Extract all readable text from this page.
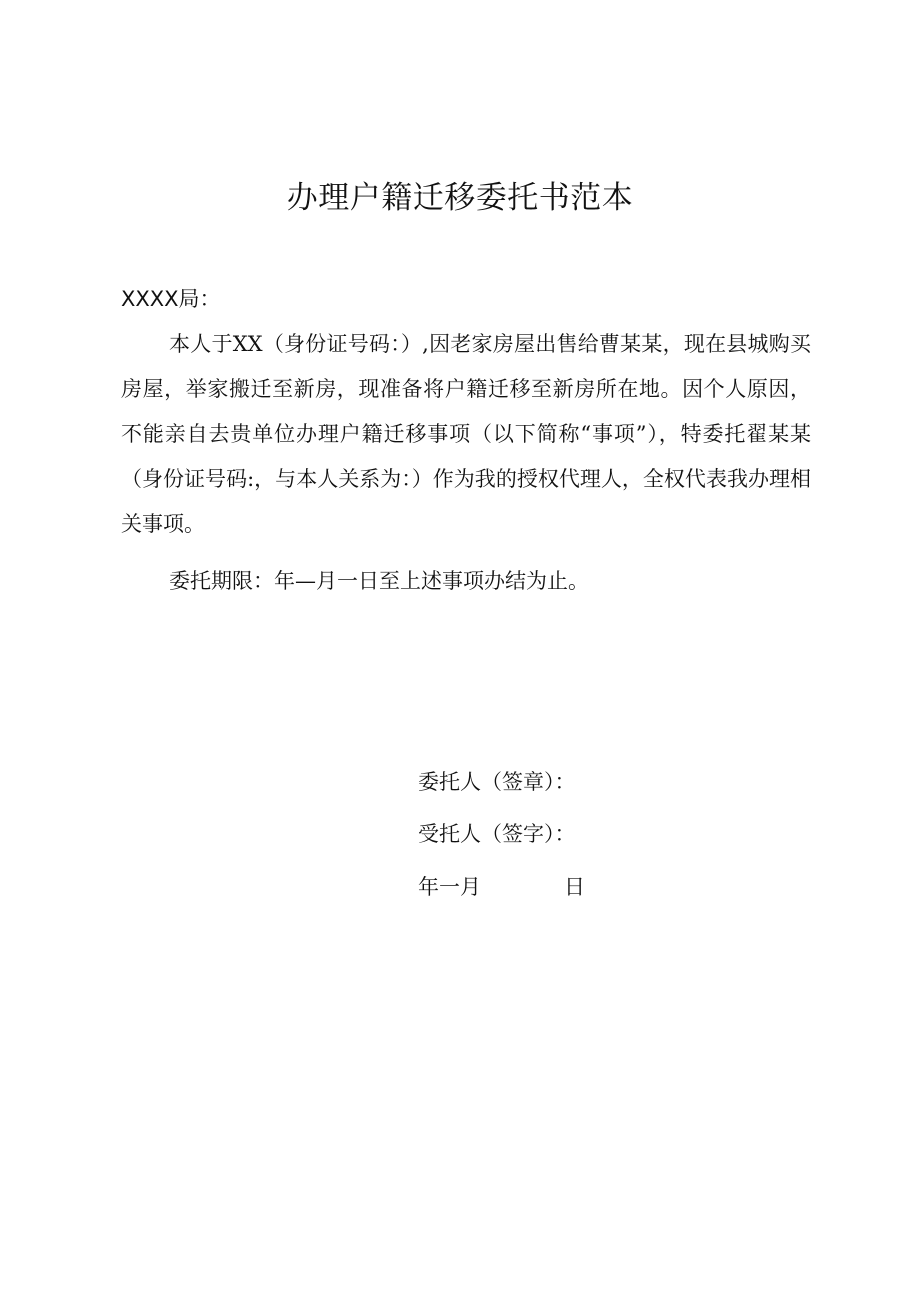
办理户籍迁移委托书范本
XXXX局：
本人于XX（身份证号码：）,因老家房屋出售给曹某某，现在县城购买房屋，举家搬迁至新房，现准备将户籍迁移至新房所在地。因个人原因，不能亲自去贵单位办理户籍迁移事项（以下简称“事项”），特委托翟某某（身份证号码:，与本人关系为：）作为我的授权代理人，全权代表我办理相关事项。
委托期限：年—月一日至上述事项办结为止。
委托人（签章）：
受托人（签字）：
年一月	日
